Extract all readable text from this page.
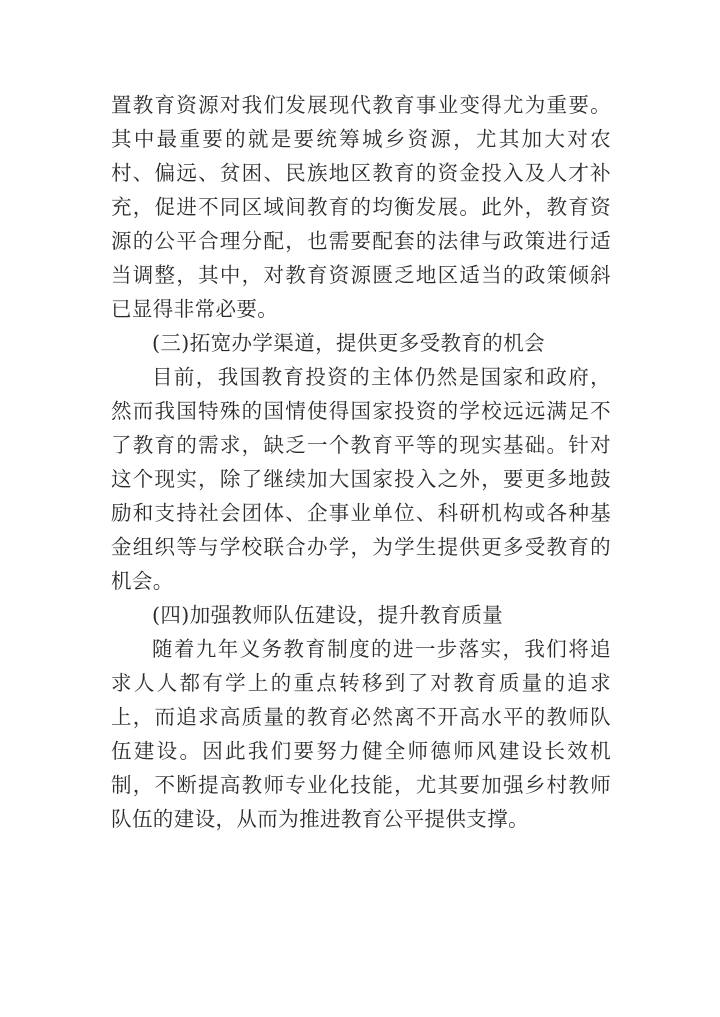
置教育资源对我们发展现代教育事业变得尤为重要。其中最重要的就是要统筹城乡资源，尤其加大对农村、偏远、贫困、民族地区教育的资金投入及人才补充，促进不同区域间教育的均衡发展。此外，教育资源的公平合理分配，也需要配套的法律与政策进行适当调整，其中，对教育资源匮乏地区适当的政策倾斜已显得非常必要。

(三)拓宽办学渠道，提供更多受教育的机会

目前，我国教育投资的主体仍然是国家和政府，然而我国特殊的国情使得国家投资的学校远远满足不了教育的需求，缺乏一个教育平等的现实基础。针对这个现实，除了继续加大国家投入之外，要更多地鼓励和支持社会团体、企事业单位、科研机构或各种基金组织等与学校联合办学，为学生提供更多受教育的机会。

(四)加强教师队伍建设，提升教育质量

随着九年义务教育制度的进一步落实，我们将追求人人都有学上的重点转移到了对教育质量的追求上，而追求高质量的教育必然离不开高水平的教师队伍建设。因此我们要努力健全师德师风建设长效机制，不断提高教师专业化技能，尤其要加强乡村教师队伍的建设，从而为推进教育公平提供支撑。
